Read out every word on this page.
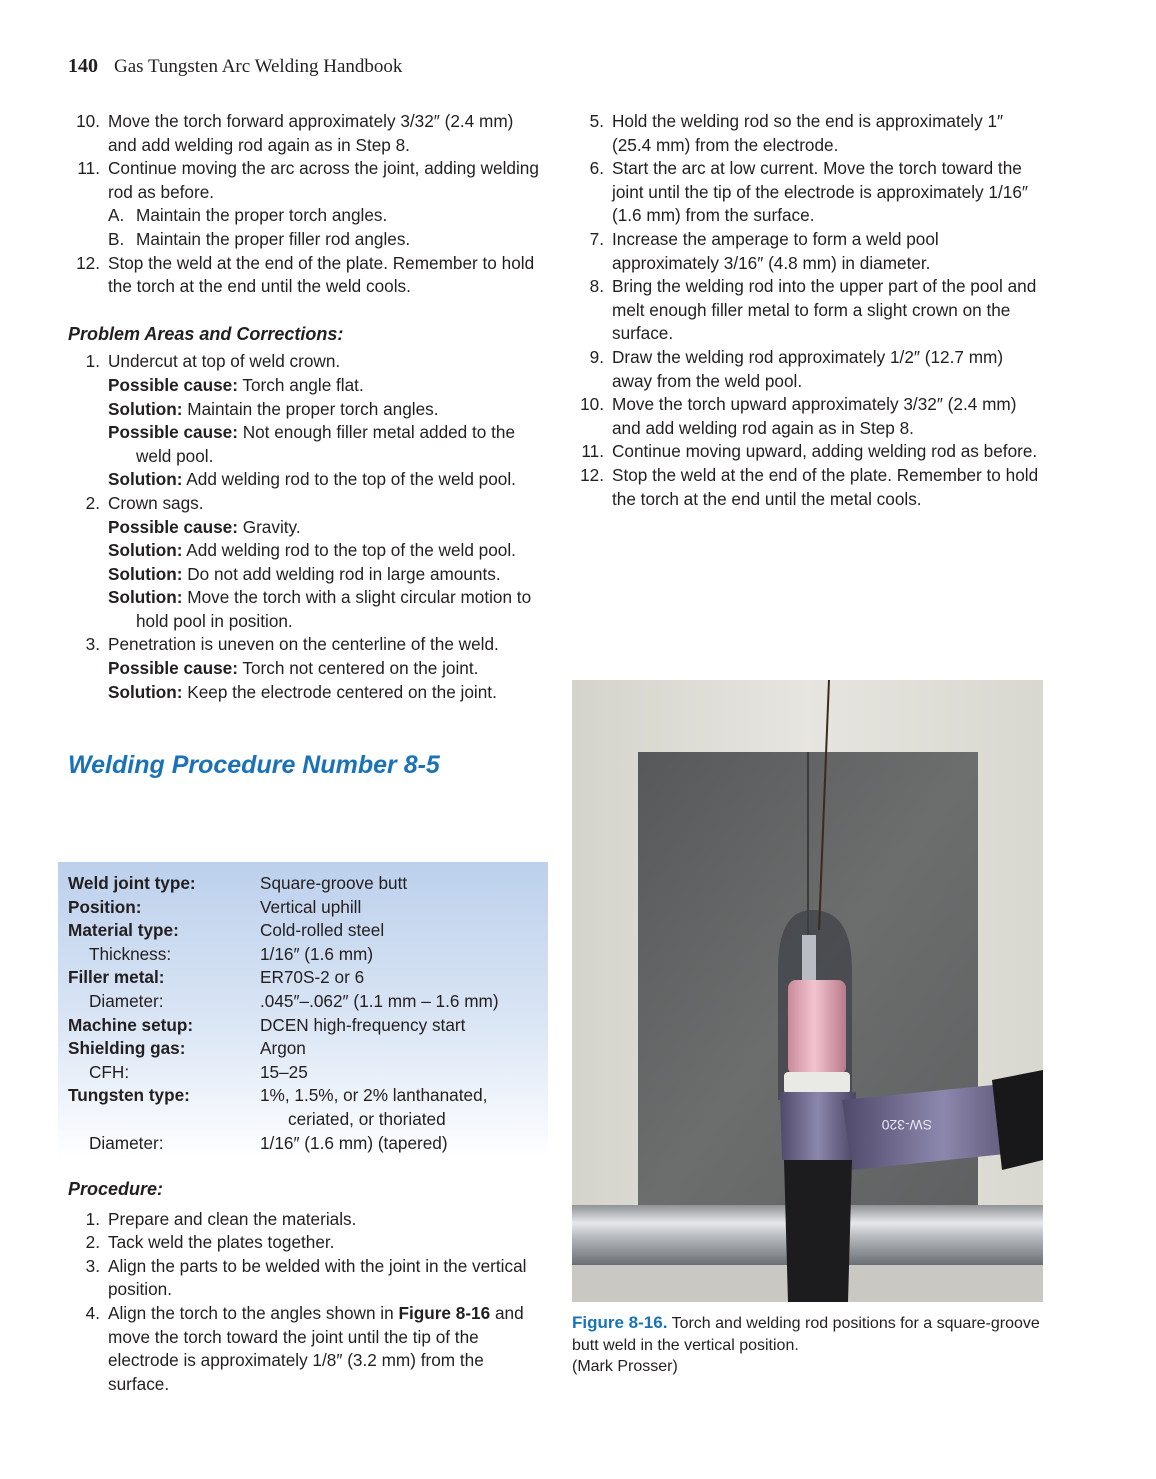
140 Gas Tungsten Arc Welding Handbook
10. Move the torch forward approximately 3/32″ (2.4 mm) and add welding rod again as in Step 8.
11. Continue moving the arc across the joint, adding welding rod as before.
A. Maintain the proper torch angles.
B. Maintain the proper filler rod angles.
12. Stop the weld at the end of the plate. Remember to hold the torch at the end until the weld cools.
Problem Areas and Corrections:
1. Undercut at top of weld crown.
Possible cause: Torch angle flat.
Solution: Maintain the proper torch angles.
Possible cause: Not enough filler metal added to the weld pool.
Solution: Add welding rod to the top of the weld pool.
2. Crown sags.
Possible cause: Gravity.
Solution: Add welding rod to the top of the weld pool.
Solution: Do not add welding rod in large amounts.
Solution: Move the torch with a slight circular motion to hold pool in position.
3. Penetration is uneven on the centerline of the weld.
Possible cause: Torch not centered on the joint.
Solution: Keep the electrode centered on the joint.
Welding Procedure Number 8-5
Weld joint type:	Square-groove butt
Position:	Vertical uphill
Material type:	Cold-rolled steel
Thickness:	1/16″ (1.6 mm)
Filler metal:	ER70S-2 or 6
Diameter:	.045″–.062″ (1.1 mm – 1.6 mm)
Machine setup:	DCEN high-frequency start
Shielding gas:	Argon
CFH:	15–25
Tungsten type:	1%, 1.5%, or 2% lanthanated,
ceriated, or thoriated

Diameter:	1/16″ (1.6 mm) (tapered)
Procedure:
1. Prepare and clean the materials.
2. Tack weld the plates together.
3. Align the parts to be welded with the joint in the vertical position.
4. Align the torch to the angles shown in Figure 8-16 and move the torch toward the joint until the tip of the electrode is approximately 1/8″ (3.2 mm) from the surface.
5. Hold the welding rod so the end is approximately 1″ (25.4 mm) from the electrode.
6. Start the arc at low current. Move the torch toward the joint until the tip of the electrode is approximately 1/16″ (1.6 mm) from the surface.
7. Increase the amperage to form a weld pool approximately 3/16″ (4.8 mm) in diameter.
8. Bring the welding rod into the upper part of the pool and melt enough filler metal to form a slight crown on the surface.
9. Draw the welding rod approximately 1/2″ (12.7 mm) away from the weld pool.
10. Move the torch upward approximately 3/32″ (2.4 mm) and add welding rod again as in Step 8.
11. Continue moving upward, adding welding rod as before.
12. Stop the weld at the end of the plate. Remember to hold the torch at the end until the metal cools.
SW-320
Figure 8-16. Torch and welding rod positions for a square-groove butt weld in the vertical position.
(Mark Prosser)
